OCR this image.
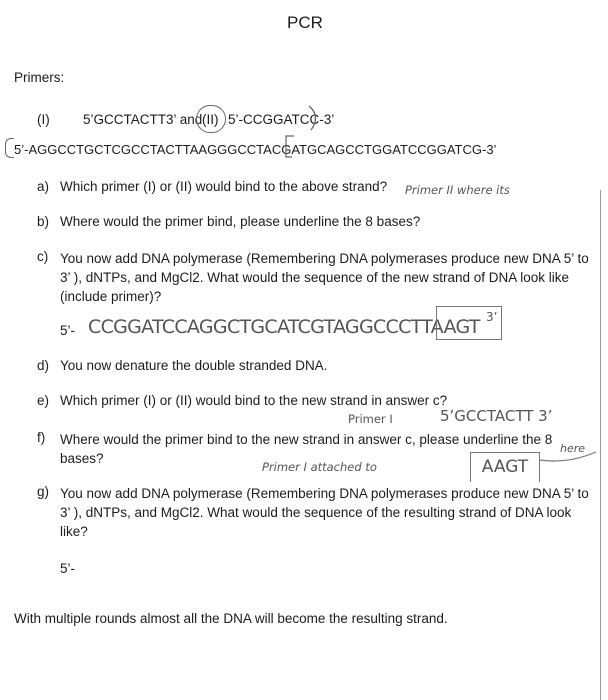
PCR
Primers:
(I) 5’GCCTACTT3’ and (II) 5’-CCGGATCC-3’
5’-AGGCCTGCTCGCCTACTTAAGGGCCTACGATGCAGCCTGGATCCGGATCG-3’
a) Which primer (I) or (II) would bind to the above strand? Primer II where its
b) Where would the primer bind, please underline the 8 bases?
c) You now add DNA polymerase (Remembering DNA polymerases produce new DNA 5’ to 3’ ), dNTPs, and MgCl2. What would the sequence of the new strand of DNA look like (include primer)?
5’- CCGGATCCAGGCTGCATCGTAGGCCCTTAAGT 3’
d) You now denature the double stranded DNA.
e) Which primer (I) or (II) would bind to the new strand in answer c?
Primer I	5’GCCTACTT 3’
f) Where would the primer bind to the new strand in answer c, please underline the 8 bases?
Primer I attached to	AAGT
here
g) You now add DNA polymerase (Remembering DNA polymerases produce new DNA 5’ to 3’ ), dNTPs, and MgCl2. What would the sequence of the resulting strand of DNA look like?
5’-
With multiple rounds almost all the DNA will become the resulting strand.
